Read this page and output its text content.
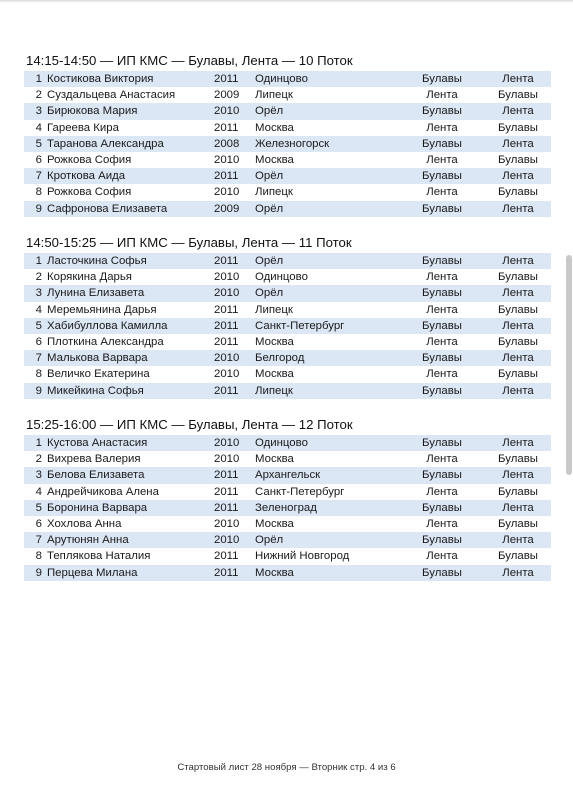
14:15-14:50 — ИП КМС — Булавы, Лента — 10 Поток
1 Костикова Виктория	2011 Одинцово	Булавы	Лента
2 Суздальцева Анастасия	2009 Липецк	Лента	Булавы
3 Бирюкова Мария	2010 Орёл	Булавы	Лента
4 Гареева Кира	2011 Москва	Лента	Булавы
5 Таранова Александра	2008 Железногорск	Булавы	Лента
6 Рожкова София	2010 Москва	Лента	Булавы
7 Кроткова Аида	2011 Орёл	Булавы	Лента
8 Рожкова София	2010 Липецк	Лента	Булавы
9 Сафронова Елизавета	2009 Орёл	Булавы	Лента
14:50-15:25 — ИП КМС — Булавы, Лента — 11 Поток
1 Ласточкина Софья	2011 Орёл	Булавы	Лента
2 Корякина Дарья	2010 Одинцово	Лента	Булавы
3 Лунина Елизавета	2010 Орёл	Булавы	Лента
4 Меремьянина Дарья	2011 Липецк	Лента	Булавы
5 Хабибуллова Камилла	2011 Санкт-Петербург	Булавы	Лента
6 Плоткина Александра	2011 Москва	Лента	Булавы
7 Малькова Варвара	2010 Белгород	Булавы	Лента
8 Величко Екатерина	2010 Москва	Лента	Булавы
9 Микейкина Софья	2011 Липецк	Булавы	Лента
15:25-16:00 — ИП КМС — Булавы, Лента — 12 Поток
1 Кустова Анастасия	2010 Одинцово	Булавы	Лента
2 Вихрева Валерия	2010 Москва	Лента	Булавы
3 Белова Елизавета	2011 Архангельск	Булавы	Лента
4 Андрейчикова Алена	2011 Санкт-Петербург	Лента	Булавы
5 Боронина Варвара	2011 Зеленоград	Булавы	Лента
6 Хохлова Анна	2010 Москва	Лента	Булавы
7 Арутюнян Анна	2010 Орёл	Булавы	Лента
8 Теплякова Наталия	2011 Нижний Новгород	Лента	Булавы
9 Перцева Милана	2011 Москва	Булавы	Лента
Стартовый лист 28 ноября — Вторник стр. 4 из 6
